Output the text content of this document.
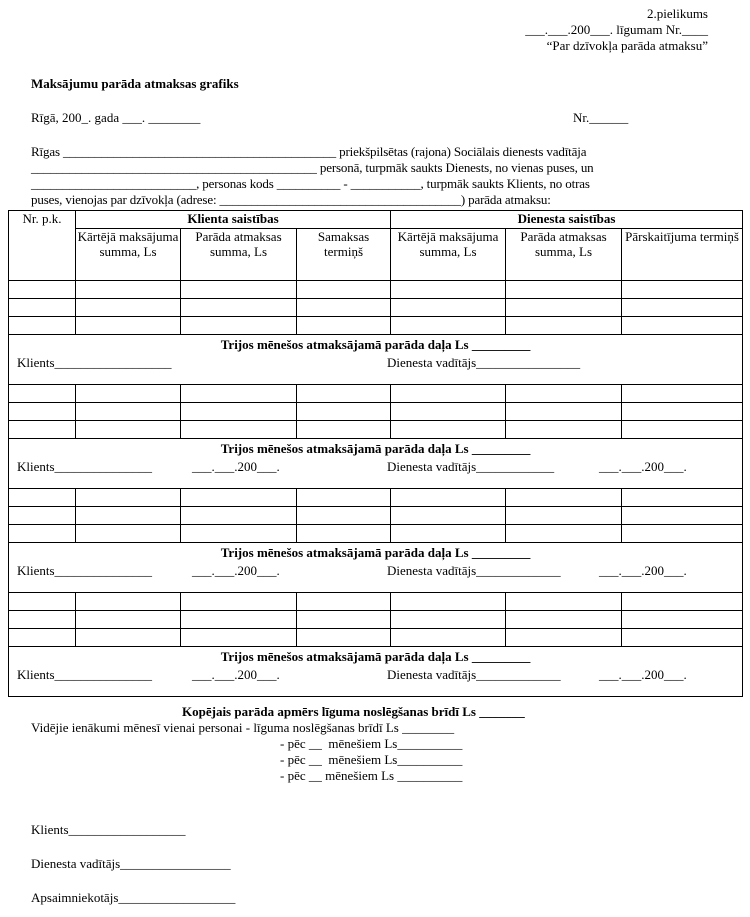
2.pielikums
___.___.200___. līgumam Nr.____
“Par dzīvokļa parāda atmaksu”
Maksājumu parāda atmaksas grafiks
Rīgā, 200_. gada ___. ________	Nr.______
Rīgas ___________________________________________ priekšpilsētas (rajona) Sociālais dienests vadītāja
_____________________________________________ personā, turpmāk saukts Dienests, no vienas puses, un
__________________________, personas kods __________ - ___________, turpmāk saukts Klients, no otras
puses, vienojas par dzīvokļa (adrese: ______________________________________) parāda atmaksu:
Nr. p.k.	Klienta saistības			Dienesta saistības		
	Kārtējā maksājuma summa, Ls	Parāda atmaksas summa, Ls	Samaksas termiņš	Kārtējā maksājuma summa, Ls	Parāda atmaksas summa, Ls	Pārskaitījuma termiņš

Trijos mēnešos atmaksājamā parāda daļa Ls _________
Klients__________________ Dienesta vadītājs________________						

Trijos mēnešos atmaksājamā parāda daļa Ls _________
Klients_______________ ___.___.200___. Dienesta vadītājs____________ ___.___.200___.						

Trijos mēnešos atmaksājamā parāda daļa Ls _________
Klients_______________ ___.___.200___. Dienesta vadītājs_____________ ___.___.200___.						

Trijos mēnešos atmaksājamā parāda daļa Ls _________
Klients_______________ ___.___.200___. Dienesta vadītājs_____________ ___.___.200___.						
Kopējais parāda apmērs līguma noslēgšanas brīdī Ls _______
Vidējie ienākumi mēnesī vienai personai - līguma noslēgšanas brīdī Ls ________
- pēc __  mēnešiem Ls__________
- pēc __  mēnešiem Ls__________
- pēc __ mēnešiem Ls __________
Klients__________________
Dienesta vadītājs_________________
Apsaimniekotājs__________________
